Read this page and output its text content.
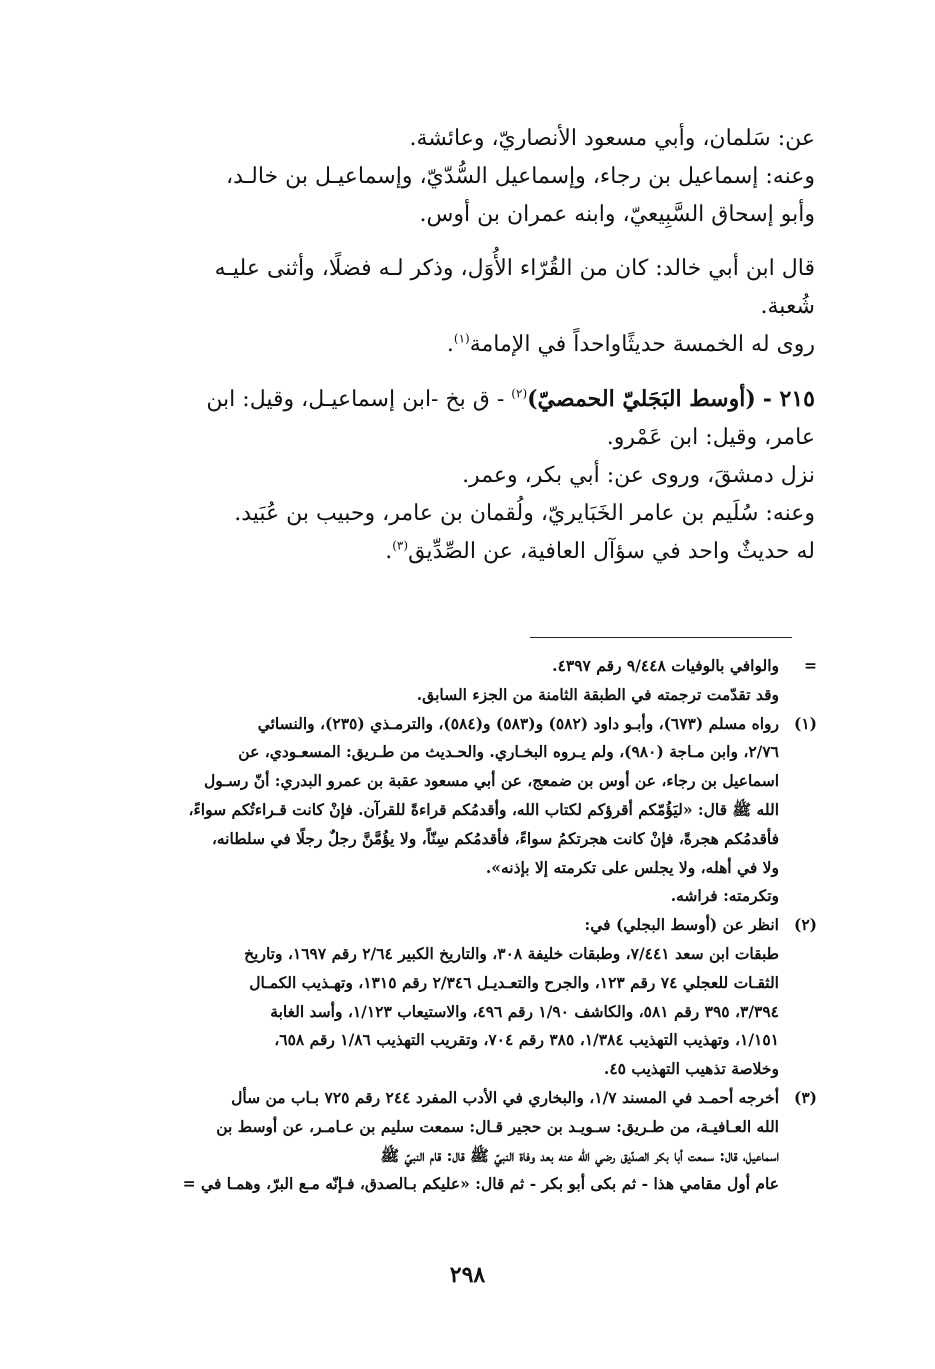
عن: سَلمان، وأبي مسعود الأنصاريّ، وعائشة.

وعنه: إسماعيل بن رجاء، وإسماعيل السُّدّيّ، وإسماعيـل بن خالـد،

وأبو إسحاق السَّبِيعيّ، وابنه عمران بن أوس.

قال ابن أبي خالد: كان من القُرّاء الأُوَل، وذكر لـه فضلًا، وأثنى عليـه

شُعبة.

روى له الخمسة حديثًاواحداً في الإمامة$^{(١)}$.

٢١٥ - (أوسط البَجَليّ الحمصيّ)$^{(٢)}$ - ق بخ -ابن إسماعيـل، وقيل: ابن

عامر، وقيل: ابن عَمْرو.

نزل دمشقَ، وروى عن: أبي بكر، وعمر.

وعنه: سُلَيم بن عامر الخَبَايريّ، ولُقمان بن عامر، وحبيب بن عُبَيد.

له حديثٌ واحد في سؤآل العافية، عن الصِّدِّيق$^{(٣)}$.

=
والوافي بالوفيات ٩/٤٤٨ رقم ٤٣٩٧.
وقد تقدّمت ترجمته في الطبقة الثامنة من الجزء السابق.
(١)
رواه مسلم (٦٧٣)، وأبـو داود (٥٨٢) و(٥٨٣) و(٥٨٤)، والترمـذي (٢٣٥)، والنسائي
٢/٧٦، وابن مـاجة (٩٨٠)، ولم يـروه البخـاري. والحـديث من طـريق: المسعـودي، عن
اسماعيل بن رجاء، عن أوس بن ضمعج، عن أبي مسعود عقبة بن عمرو البدري: أنّ رسـول
الله ﷺ قال: «ليَؤُمّكم أقرؤكم لكتاب الله، وأقدمُكم قراءةً للقرآن. فإنْ كانت قـراءتُكم سواءً،
فأقدمُكم هجرةً، فإنْ كانت هجرتكمُ سواءً، فأقدمُكم سِنّاً، ولا يؤُمَّنَّ رجلٌ رجلًا في سلطانه،
ولا في أهله، ولا يجلس على تكرمته إلا بإذنه».
وتكرمته: فراشه.
(٢)
انظر عن (أوسط البجلي) في:
طبقات ابن سعد ٧/٤٤١، وطبقات خليفة ٣٠٨، والتاريخ الكبير ٢/٦٤ رقم ١٦٩٧، وتاريخ
الثقـات للعجلي ٧٤ رقم ١٢٣، والجرح والتعـديـل ٢/٣٤٦ رقم ١٣١٥، وتهـذيب الكمـال
٣/٣٩٤، ٣٩٥ رقم ٥٨١، والكاشف ١/٩٠ رقم ٤٩٦، والاستيعاب ١/١٢٣، وأسد الغابة
١/١٥١، وتهذيب التهذيب ١/٣٨٤، ٣٨٥ رقم ٧٠٤، وتقريب التهذيب ١/٨٦ رقم ٦٥٨،
وخلاصة تذهيب التهذيب ٤٥.
(٣)
أخرجه أحمـد في المسند ١/٧، والبخاري في الأدب المفرد ٢٤٤ رقم ٧٢٥ بـاب من سأل
الله العـافيـة، من طـريق: سـويـد بن حجير قـال: سمعت سليم بن عـامـر، عن أوسط بن
اسماعيل، قال: سمعت أبا بكر الصدّيق رضي الله عنه بعد وفاة النبيّ ﷺ قال: قام النبيّ ﷺ
عام أول مقامي هذا - ثم بكى أبو بكر - ثم قال: «عليكم بـالصدق، فـإنّه مـع البرّ، وهمـا في =
٢٩٨
